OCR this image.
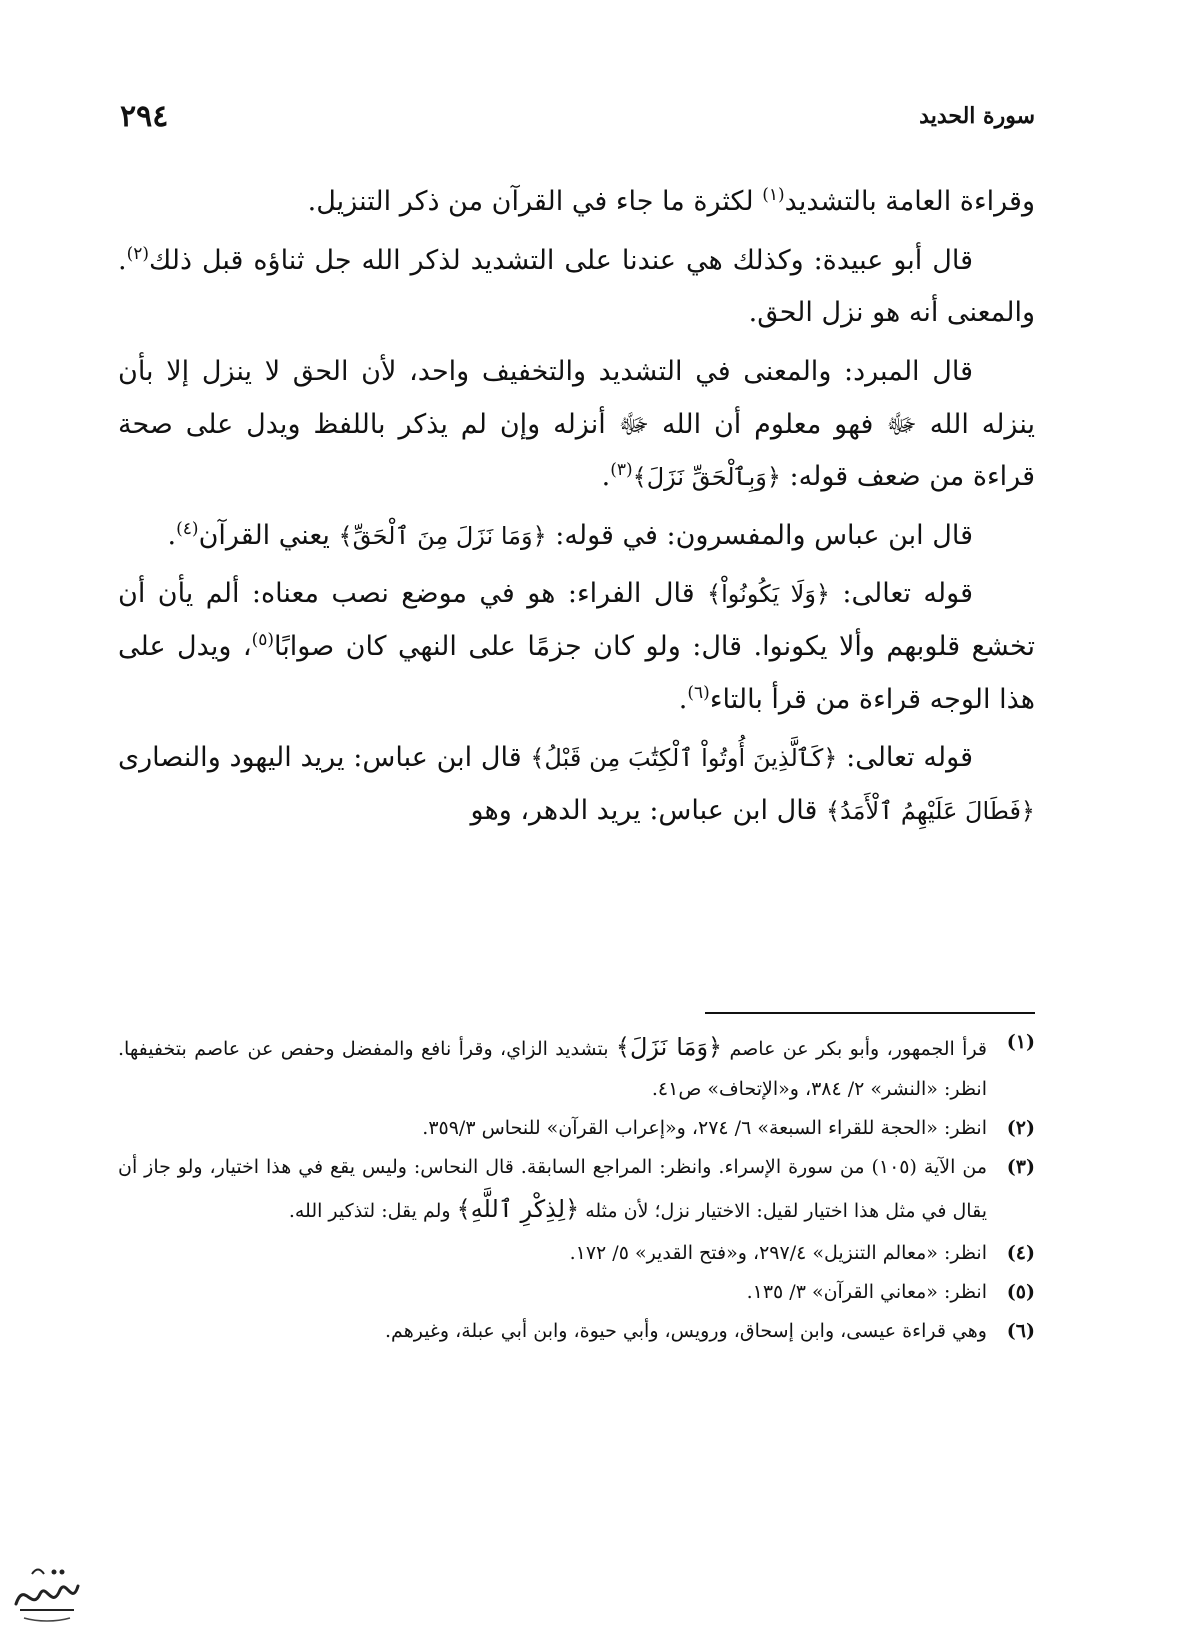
سورة الحديد
٢٩٤

وقراءة العامة بالتشديد$^{(١)}$ لكثرة ما جاء في القرآن من ذكر التنزيل.

قال أبو عبيدة: وكذلك هي عندنا على التشديد لذكر الله جل ثناؤه قبل ذلك$^{(٢)}$. والمعنى أنه هو نزل الحق.

قال المبرد: والمعنى في التشديد والتخفيف واحد، لأن الحق لا ينزل إلا بأن ينزله الله ﷻ فهو معلوم أن الله ﷻ أنزله وإن لم يذكر باللفظ ويدل على صحة قراءة من ضعف قوله: ﴿وَبِٱلْحَقِّ نَزَلَ﴾$^{(٣)}$.

قال ابن عباس والمفسرون: في قوله: ﴿وَمَا نَزَلَ مِنَ ٱلْحَقِّ﴾ يعني القرآن$^{(٤)}$.

قوله تعالى: ﴿وَلَا يَكُونُواْ﴾ قال الفراء: هو في موضع نصب معناه: ألم يأن أن تخشع قلوبهم وألا يكونوا. قال: ولو كان جزمًا على النهي كان صوابًا$^{(٥)}$، ويدل على هذا الوجه قراءة من قرأ بالتاء$^{(٦)}$.

قوله تعالى: ﴿كَٱلَّذِينَ أُوتُواْ ٱلْكِتَٰبَ مِن قَبْلُ﴾ قال ابن عباس: يريد اليهود والنصارى ﴿فَطَالَ عَلَيْهِمُ ٱلْأَمَدُ﴾ قال ابن عباس: يريد الدهر، وهو

(١)
قرأ الجمهور، وأبو بكر عن عاصم ﴿وَمَا نَزَلَ﴾ بتشديد الزاي، وقرأ نافع والمفضل وحفص عن عاصم بتخفيفها. انظر: «النشر» ٢/ ٣٨٤، و«الإتحاف» ص٤١.
(٢)
انظر: «الحجة للقراء السبعة» ٦/ ٢٧٤، و«إعراب القرآن» للنحاس ٣٥٩/٣.
(٣)
من الآية (١٠٥) من سورة الإسراء. وانظر: المراجع السابقة. قال النحاس: وليس يقع في هذا اختيار، ولو جاز أن يقال في مثل هذا اختيار لقيل: الاختيار نزل؛ لأن مثله ﴿لِذِكْرِ ٱللَّهِ﴾ ولم يقل: لتذكير الله.
(٤)
انظر: «معالم التنزيل» ٢٩٧/٤، و«فتح القدير» ٥/ ١٧٢.
(٥)
انظر: «معاني القرآن» ٣/ ١٣٥.
(٦)
وهي قراءة عيسى، وابن إسحاق، ورويس، وأبي حيوة، وابن أبي عبلة، وغيرهم.
